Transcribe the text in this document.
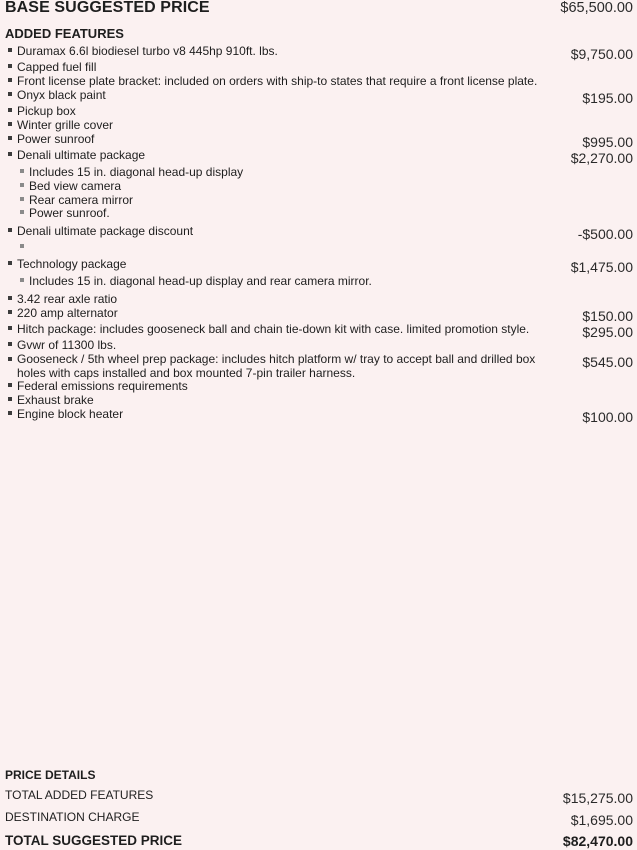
BASE SUGGESTED PRICE	$65,500.00
ADDED FEATURES
Duramax 6.6l biodiesel turbo v8 445hp 910ft. lbs.	$9,750.00
Capped fuel fill
Front license plate bracket: included on orders with ship-to states that require a front license plate.
Onyx black paint	$195.00
Pickup box
Winter grille cover
Power sunroof	$995.00
Denali ultimate package	$2,270.00
Includes 15 in. diagonal head-up display
Bed view camera
Rear camera mirror
Power sunroof.
Denali ultimate package discount	-$500.00
Technology package	$1,475.00
Includes 15 in. diagonal head-up display and rear camera mirror.
3.42 rear axle ratio
220 amp alternator	$150.00
Hitch package: includes gooseneck ball and chain tie-down kit with case. limited promotion style.	$295.00
Gvwr of 11300 lbs.
Gooseneck / 5th wheel prep package: includes hitch platform w/ tray to accept ball and drilled box holes with caps installed and box mounted 7-pin trailer harness.
$545.00
Federal emissions requirements
Exhaust brake
Engine block heater	$100.00
PRICE DETAILS
TOTAL ADDED FEATURES	$15,275.00
DESTINATION CHARGE	$1,695.00
TOTAL SUGGESTED PRICE	$82,470.00
